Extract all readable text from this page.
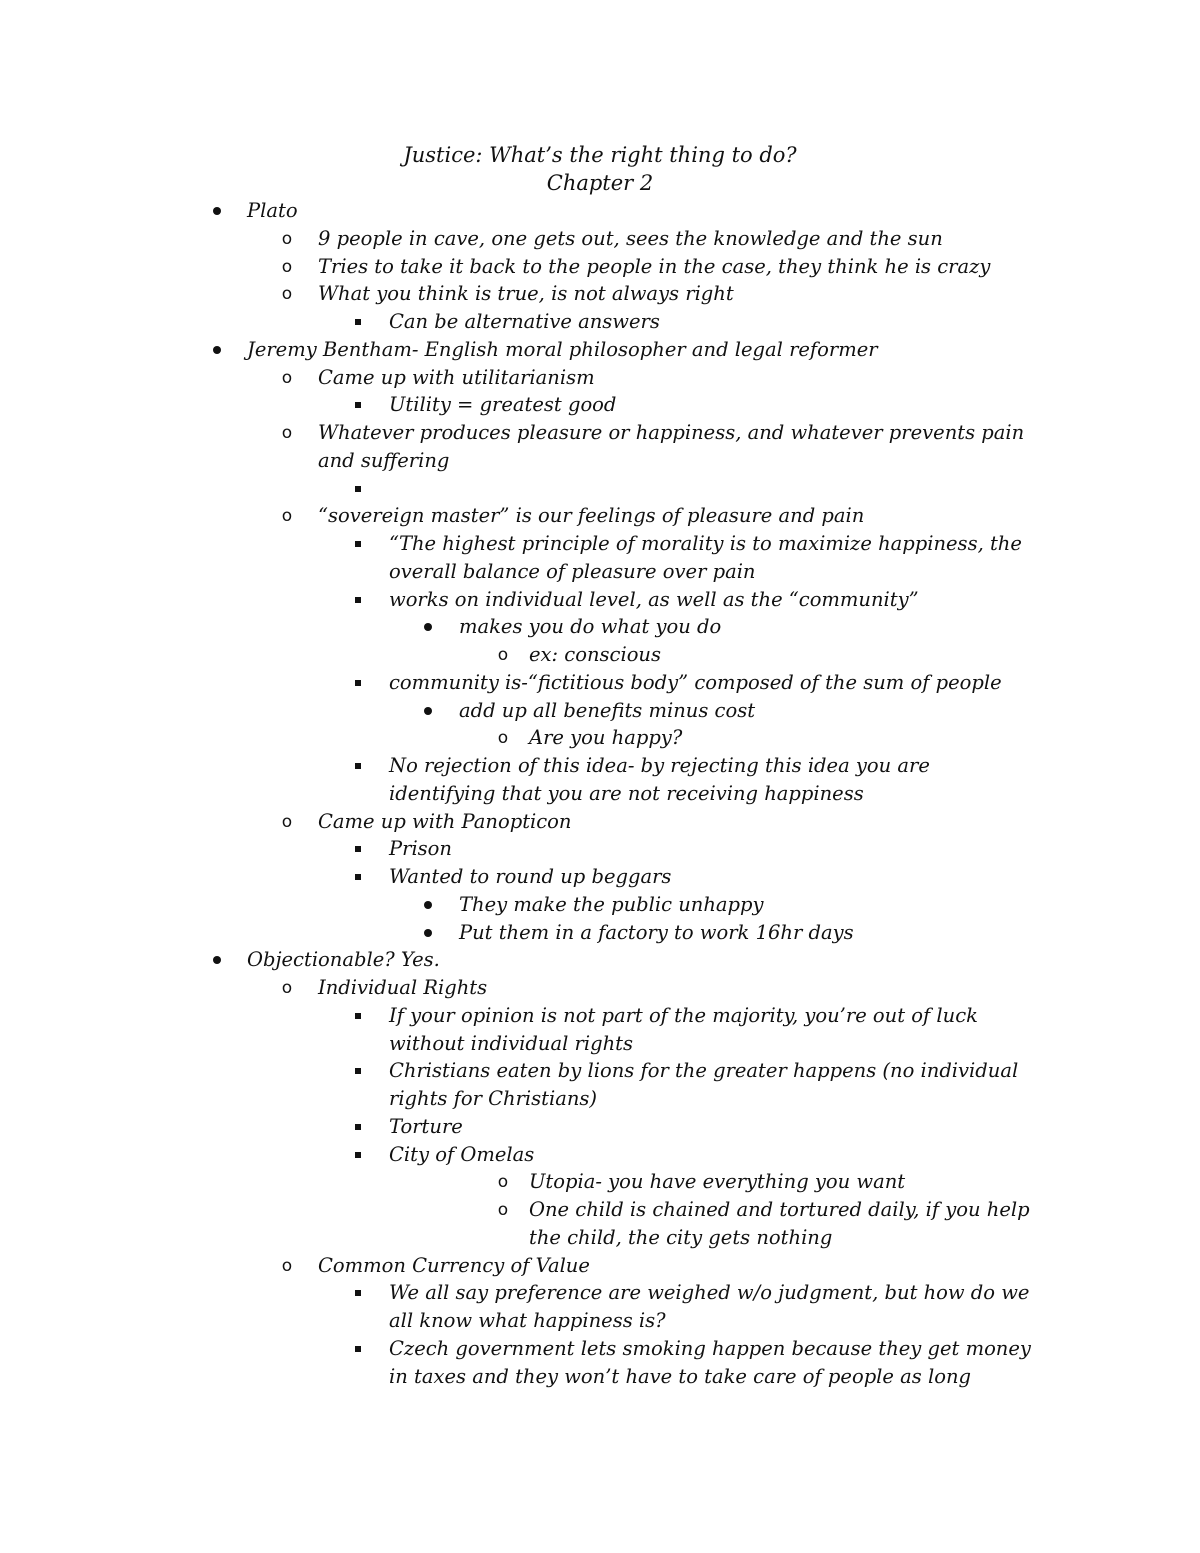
Justice: What’s the right thing to do?
Chapter 2
Plato
o 9 people in cave, one gets out, sees the knowledge and the sun
o Tries to take it back to the people in the case, they think he is crazy
o What you think is true, is not always right
Can be alternative answers
Jeremy Bentham- English moral philosopher and legal reformer
o Came up with utilitarianism
Utility = greatest good
o Whatever produces pleasure or happiness, and whatever prevents pain
and suffering
o “sovereign master” is our feelings of pleasure and pain
“The highest principle of morality is to maximize happiness, the
overall balance of pleasure over pain
works on individual level, as well as the “community”
makes you do what you do
o ex: conscious
community is-“fictitious body” composed of the sum of people
add up all benefits minus cost
o Are you happy?
No rejection of this idea- by rejecting this idea you are
identifying that you are not receiving happiness
o Came up with Panopticon
Prison
Wanted to round up beggars
They make the public unhappy
Put them in a factory to work 16hr days
Objectionable? Yes.
o Individual Rights
If your opinion is not part of the majority, you’re out of luck
without individual rights
Christians eaten by lions for the greater happens (no individual
rights for Christians)
Torture
City of Omelas
o Utopia- you have everything you want
o One child is chained and tortured daily, if you help
the child, the city gets nothing
o Common Currency of Value
We all say preference are weighed w/o judgment, but how do we
all know what happiness is?
Czech government lets smoking happen because they get money
in taxes and they won’t have to take care of people as long
